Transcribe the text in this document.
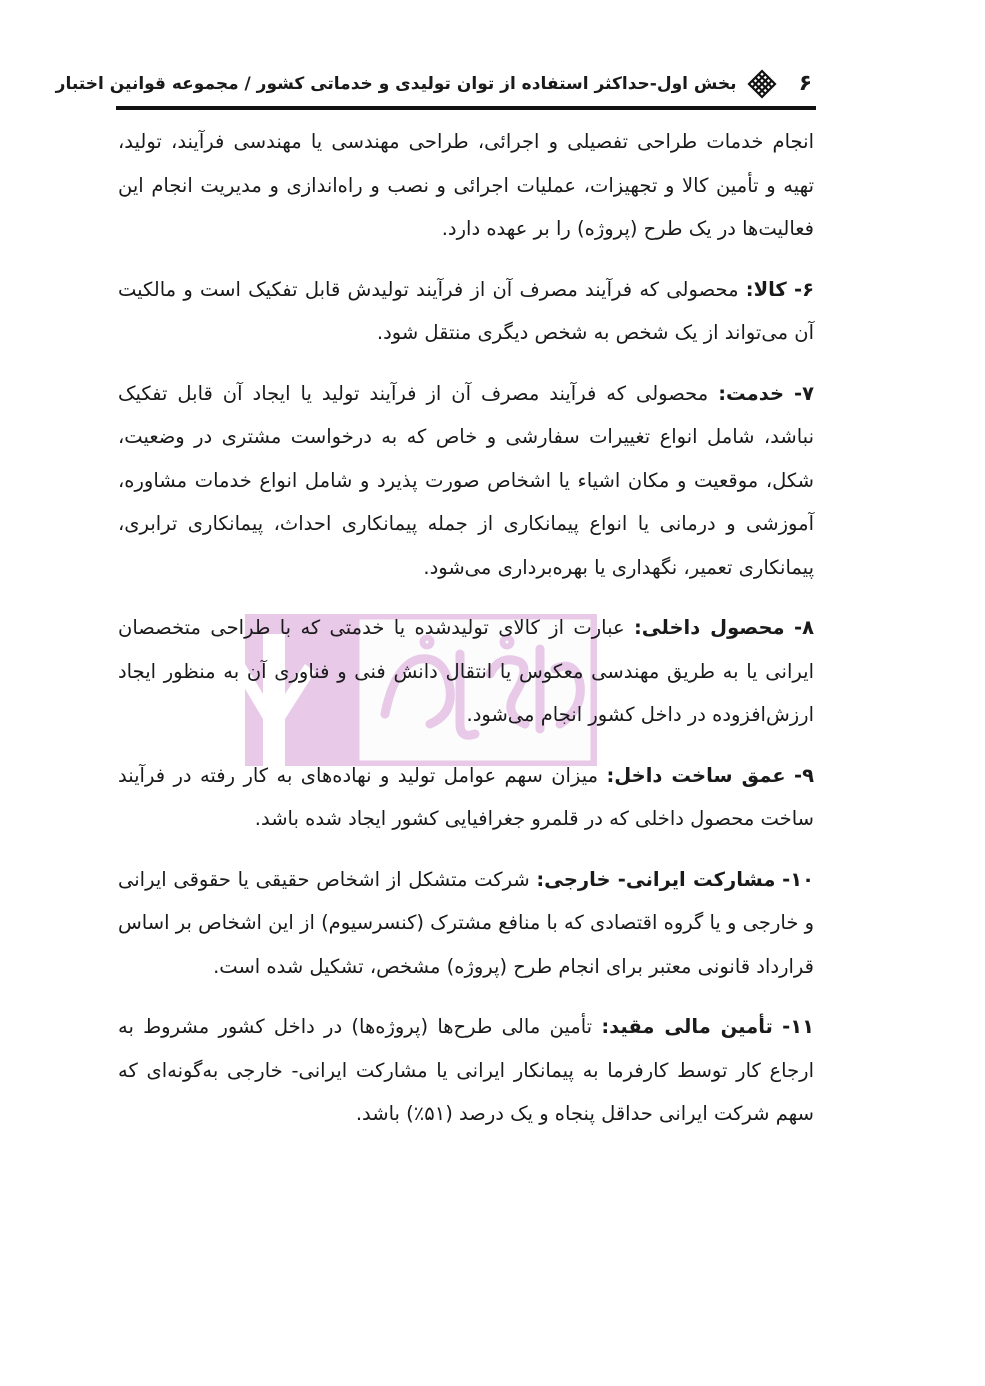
۶
بخش اول-حداکثر استفاده از توان تولیدی و خدماتی کشور / مجموعه قوانین اختبار

انجام خدمات طراحی تفصیلی و اجرائی، طراحی مهندسی یا مهندسی فرآیند، تولید، تهیه و تأمین کالا و تجهیزات، عملیات اجرائی و نصب و راه‌اندازی و مدیریت انجام این فعالیت‌ها در یک طرح (پروژه) را بر عهده دارد.

۶- کالا: محصولی که فرآیند مصرف آن از فرآیند تولیدش قابل تفکیک است و مالکیت آن می‌تواند از یک شخص به شخص دیگری منتقل شود.

۷- خدمت: محصولی که فرآیند مصرف آن از فرآیند تولید یا ایجاد آن قابل تفکیک نباشد، شامل انواع تغییرات سفارشی و خاص که به درخواست مشتری در وضعیت، شکل، موقعیت و مکان اشیاء یا اشخاص صورت پذیرد و شامل انواع خدمات مشاوره، آموزشی و درمانی یا انواع پیمانکاری از جمله پیمانکاری احداث، پیمانکاری ترابری، پیمانکاری تعمیر، نگهداری یا بهره‌برداری می‌شود.

۸- محصول داخلی: عبارت از کالای تولیدشده یا خدمتی که با طراحی متخصصان ایرانی یا به طریق مهندسی معکوس یا انتقال دانش فنی و فناوری آن به منظور ایجاد ارزش‌افزوده در داخل کشور انجام می‌شود.

۹- عمق ساخت داخل: میزان سهم عوامل تولید و نهاده‌های به کار رفته در فرآیند ساخت محصول داخلی که در قلمرو جغرافیایی کشور ایجاد شده باشد.

۱۰- مشارکت ایرانی- خارجی: شرکت متشکل از اشخاص حقیقی یا حقوقی ایرانی و خارجی و یا گروه اقتصادی که با منافع مشترک (کنسرسیوم) از این اشخاص بر اساس قرارداد قانونی معتبر برای انجام طرح (پروژه) مشخص، تشکیل شده است.

۱۱- تأمین مالی مقید: تأمین مالی طرح‌ها (پروژه‌ها) در داخل کشور مشروط به ارجاع کار توسط کارفرما به پیمانکار ایرانی یا مشارکت ایرانی- خارجی به‌گونه‌ای که سهم شرکت ایرانی حداقل پنجاه و یک درصد (۵۱٪) باشد.
